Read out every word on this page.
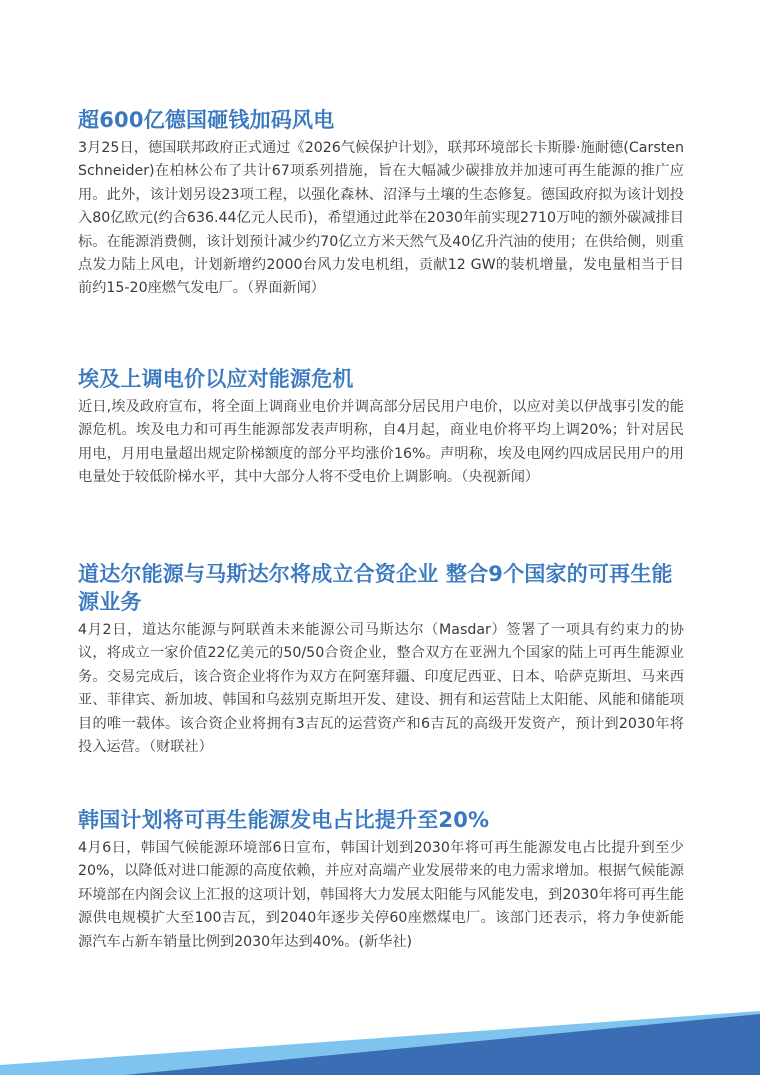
超600亿德国砸钱加码风电

3月25日，德国联邦政府正式通过《2026气候保护计划》，联邦环境部长卡斯滕·施耐德(Carsten Schneider)在柏林公布了共计67项系列措施，旨在大幅减少碳排放并加速可再生能源的推广应用。此外，该计划另设23项工程，以强化森林、沼泽与土壤的生态修复。德国政府拟为该计划投入80亿欧元(约合636.44亿元人民币)，希望通过此举在2030年前实现2710万吨的额外碳减排目标。在能源消费侧，该计划预计减少约70亿立方米天然气及40亿升汽油的使用；在供给侧，则重点发力陆上风电，计划新增约2000台风力发电机组，贡献12 GW的装机增量，发电量相当于目前约15-20座燃气发电厂。（界面新闻）

埃及上调电价以应对能源危机

近日,埃及政府宣布，将全面上调商业电价并调高部分居民用户电价，以应对美以伊战事引发的能源危机。埃及电力和可再生能源部发表声明称，自4月起，商业电价将平均上调20%；针对居民用电，月用电量超出规定阶梯额度的部分平均涨价16%。声明称，埃及电网约四成居民用户的用电量处于较低阶梯水平，其中大部分人将不受电价上调影响。（央视新闻）

道达尔能源与马斯达尔将成立合资企业 整合9个国家的可再生能源业务

4月2日，道达尔能源与阿联酋未来能源公司马斯达尔（Masdar）签署了一项具有约束力的协议，将成立一家价值22亿美元的50/50合资企业，整合双方在亚洲九个国家的陆上可再生能源业务。交易完成后，该合资企业将作为双方在阿塞拜疆、印度尼西亚、日本、哈萨克斯坦、马来西亚、菲律宾、新加坡、韩国和乌兹别克斯坦开发、建设、拥有和运营陆上太阳能、风能和储能项目的唯一载体。该合资企业将拥有3吉瓦的运营资产和6吉瓦的高级开发资产，预计到2030年将投入运营。（财联社）

韩国计划将可再生能源发电占比提升至20%

4月6日，韩国气候能源环境部6日宣布，韩国计划到2030年将可再生能源发电占比提升到至少20%，以降低对进口能源的高度依赖，并应对高端产业发展带来的电力需求增加。根据气候能源环境部在内阁会议上汇报的这项计划，韩国将大力发展太阳能与风能发电，到2030年将可再生能源供电规模扩大至100吉瓦，到2040年逐步关停60座燃煤电厂。该部门还表示，将力争使新能源汽车占新车销量比例到2030年达到40%。(新华社)
